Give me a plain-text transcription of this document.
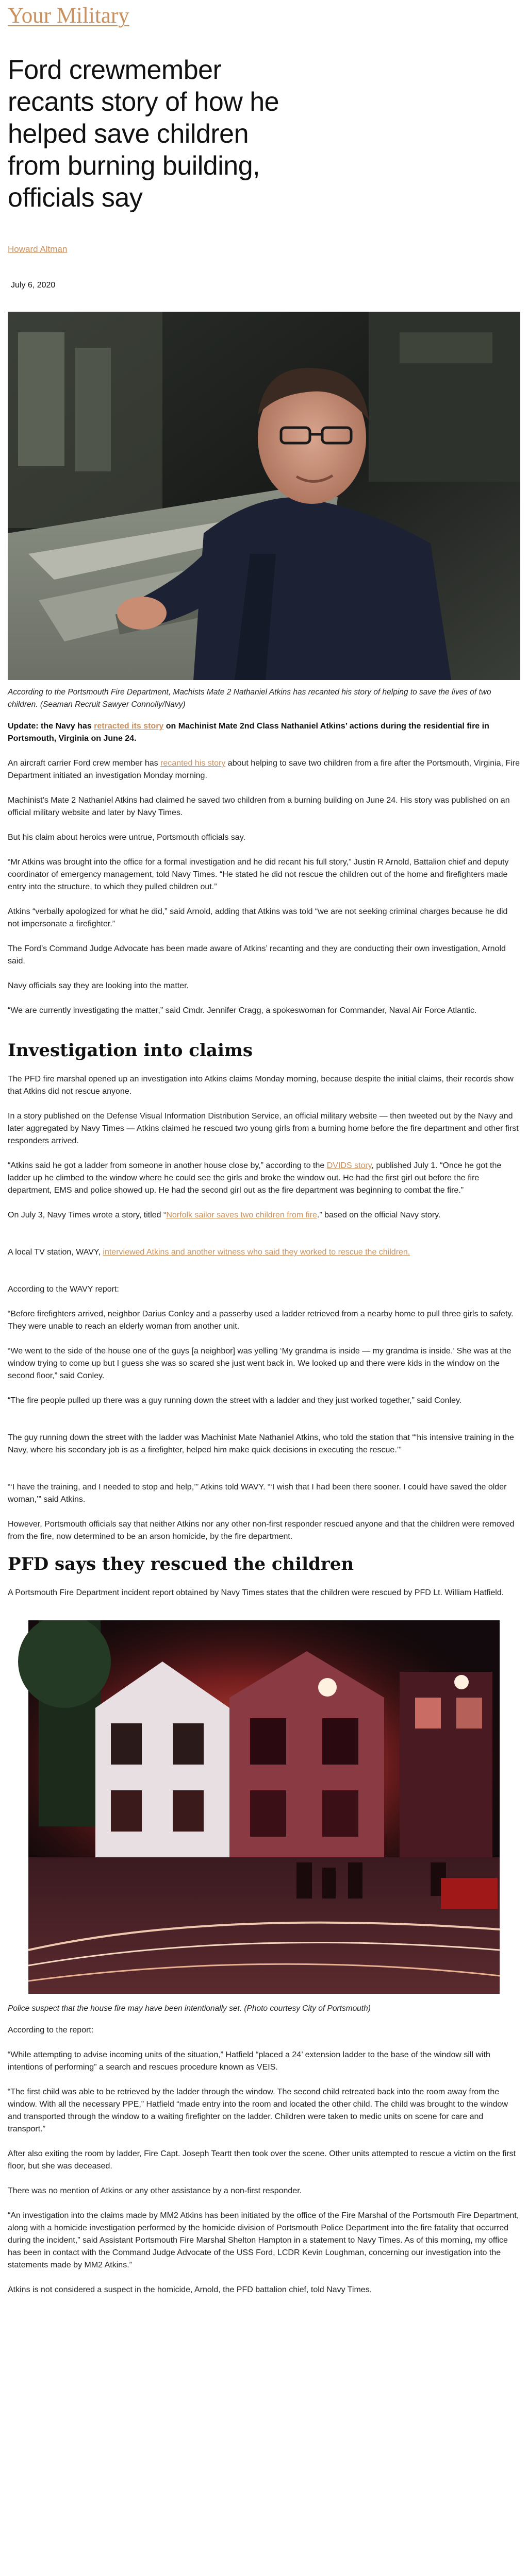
Your Military
Ford crewmember recants story of how he helped save children from burning building, officials say
Howard Altman
July 6, 2020

According to the Portsmouth Fire Department, Machists Mate 2 Nathaniel Atkins has recanted his story of helping to save the lives of two children. (Seaman Recruit Sawyer Connolly/Navy)

Update: the Navy has retracted its story on Machinist Mate 2nd Class Nathaniel Atkins’ actions during the residential fire in Portsmouth, Virginia on June 24.

An aircraft carrier Ford crew member has recanted his story about helping to save two children from a fire after the Portsmouth, Virginia, Fire Department initiated an investigation Monday morning.

Machinist’s Mate 2 Nathaniel Atkins had claimed he saved two children from a burning building on June 24. His story was published on an official military website and later by Navy Times.

But his claim about heroics were untrue, Portsmouth officials say.

“Mr Atkins was brought into the office for a formal investigation and he did recant his full story,” Justin R Arnold, Battalion chief and deputy coordinator of emergency management, told Navy Times. “He stated he did not rescue the children out of the home and firefighters made entry into the structure, to which they pulled children out.”

Atkins “verbally apologized for what he did,” said Arnold, adding that Atkins was told “we are not seeking criminal charges because he did not impersonate a firefighter.”

The Ford’s Command Judge Advocate has been made aware of Atkins’ recanting and they are conducting their own investigation, Arnold said.

Navy officials say they are looking into the matter.

“We are currently investigating the matter,” said Cmdr. Jennifer Cragg, a spokeswoman for Commander, Naval Air Force Atlantic.

Investigation into claims

The PFD fire marshal opened up an investigation into Atkins claims Monday morning, because despite the initial claims, their records show that Atkins did not rescue anyone.

In a story published on the Defense Visual Information Distribution Service, an official military website — then tweeted out by the Navy and later aggregated by Navy Times — Atkins claimed he rescued two young girls from a burning home before the fire department and other first responders arrived.

“Atkins said he got a ladder from someone in another house close by,” according to the DVIDS story, published July 1. “Once he got the ladder up he climbed to the window where he could see the girls and broke the window out. He had the first girl out before the fire department, EMS and police showed up. He had the second girl out as the fire department was beginning to combat the fire.”

On July 3, Navy Times wrote a story, titled “Norfolk sailor saves two children from fire.” based on the official Navy story.

A local TV station, WAVY, interviewed Atkins and another witness who said they worked to rescue the children.

According to the WAVY report:

“Before firefighters arrived, neighbor Darius Conley and a passerby used a ladder retrieved from a nearby home to pull three girls to safety. They were unable to reach an elderly woman from another unit.

“We went to the side of the house one of the guys [a neighbor] was yelling ‘My grandma is inside — my grandma is inside.’ She was at the window trying to come up but I guess she was so scared she just went back in. We looked up and there were kids in the window on the second floor,” said Conley.

“The fire people pulled up there was a guy running down the street with a ladder and they just worked together,” said Conley.

The guy running down the street with the ladder was Machinist Mate Nathaniel Atkins, who told the station that “‘his intensive training in the Navy, where his secondary job is as a firefighter, helped him make quick decisions in executing the rescue.’”

“‘I have the training, and I needed to stop and help,’” Atkins told WAVY. “‘I wish that I had been there sooner. I could have saved the older woman,’” said Atkins.

However, Portsmouth officials say that neither Atkins nor any other non-first responder rescued anyone and that the children were removed from the fire, now determined to be an arson homicide, by the fire department.

PFD says they rescued the children

A Portsmouth Fire Department incident report obtained by Navy Times states that the children were rescued by PFD Lt. William Hatfield.

Police suspect that the house fire may have been intentionally set. (Photo courtesy City of Portsmouth)

According to the report:

“While attempting to advise incoming units of the situation,” Hatfield “placed a 24’ extension ladder to the base of the window sill with intentions of performing” a search and rescues procedure known as VEIS.

“The first child was able to be retrieved by the ladder through the window. The second child retreated back into the room away from the window. With all the necessary PPE,” Hatfield “made entry into the room and located the other child. The child was brought to the window and transported through the window to a waiting firefighter on the ladder. Children were taken to medic units on scene for care and transport.”

After also exiting the room by ladder, Fire Capt. Joseph Teartt then took over the scene. Other units attempted to rescue a victim on the first floor, but she was deceased.

There was no mention of Atkins or any other assistance by a non-first responder.

“An investigation into the claims made by MM2 Atkins has been initiated by the office of the Fire Marshal of the Portsmouth Fire Department, along with a homicide investigation performed by the homicide division of Portsmouth Police Department into the fire fatality that occurred during the incident,” said Assistant Portsmouth Fire Marshal Shelton Hampton in a statement to Navy Times. As of this morning, my office has been in contact with the Command Judge Advocate of the USS Ford, LCDR Kevin Loughman, concerning our investigation into the statements made by MM2 Atkins.”

Atkins is not considered a suspect in the homicide, Arnold, the PFD battalion chief, told Navy Times.
